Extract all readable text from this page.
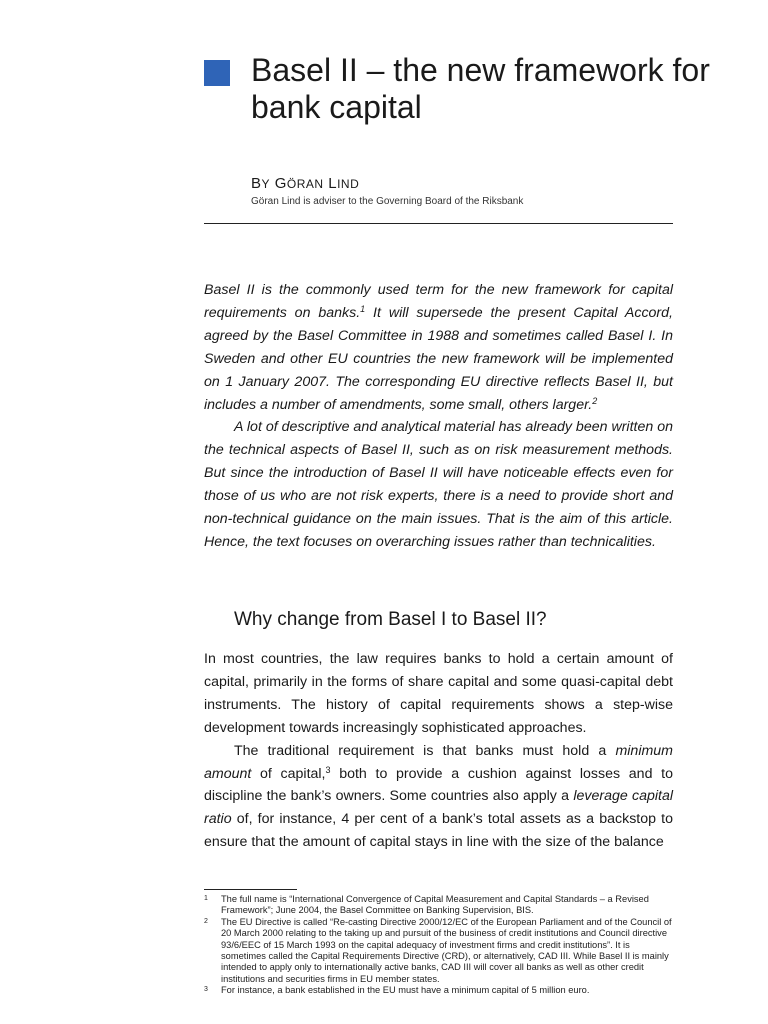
Basel II – the new framework for bank capital
BY GÖRAN LIND
Göran Lind is adviser to the Governing Board of the Riksbank

Basel II is the commonly used term for the new framework for capital requirements on banks.$^1$ It will supersede the present Capital Accord, agreed by the Basel Committee in 1988 and sometimes called Basel I. In Sweden and other EU countries the new framework will be implemented on 1 January 2007. The corresponding EU directive reflects Basel II, but includes a number of amendments, some small, others larger.$^2$

A lot of descriptive and analytical material has already been written on the technical aspects of Basel II, such as on risk measurement methods. But since the introduction of Basel II will have noticeable effects even for those of us who are not risk experts, there is a need to provide short and non-technical guidance on the main issues. That is the aim of this article. Hence, the text focuses on overarching issues rather than technicalities.

Why change from Basel I to Basel II?

In most countries, the law requires banks to hold a certain amount of capital, primarily in the forms of share capital and some quasi-capital debt instruments. The history of capital requirements shows a step-wise development towards increasingly sophisticated approaches.

The traditional requirement is that banks must hold a minimum amount of capital,$^3$ both to provide a cushion against losses and to discipline the bank’s owners. Some countries also apply a leverage capital ratio of, for instance, 4 per cent of a bank’s total assets as a backstop to ensure that the amount of capital stays in line with the size of the balance

1 The full name is “International Convergence of Capital Measurement and Capital Standards – a Revised Framework”; June 2004, the Basel Committee on Banking Supervision, BIS.
2 The EU Directive is called “Re-casting Directive 2000/12/EC of the European Parliament and of the Council of 20 March 2000 relating to the taking up and pursuit of the business of credit institutions and Council directive 93/6/EEC of 15 March 1993 on the capital adequacy of investment firms and credit institutions”. It is sometimes called the Capital Requirements Directive (CRD), or alternatively, CAD III. While Basel II is mainly intended to apply only to internationally active banks, CAD III will cover all banks as well as other credit institutions and securities firms in EU member states.
3 For instance, a bank established in the EU must have a minimum capital of 5 million euro.
